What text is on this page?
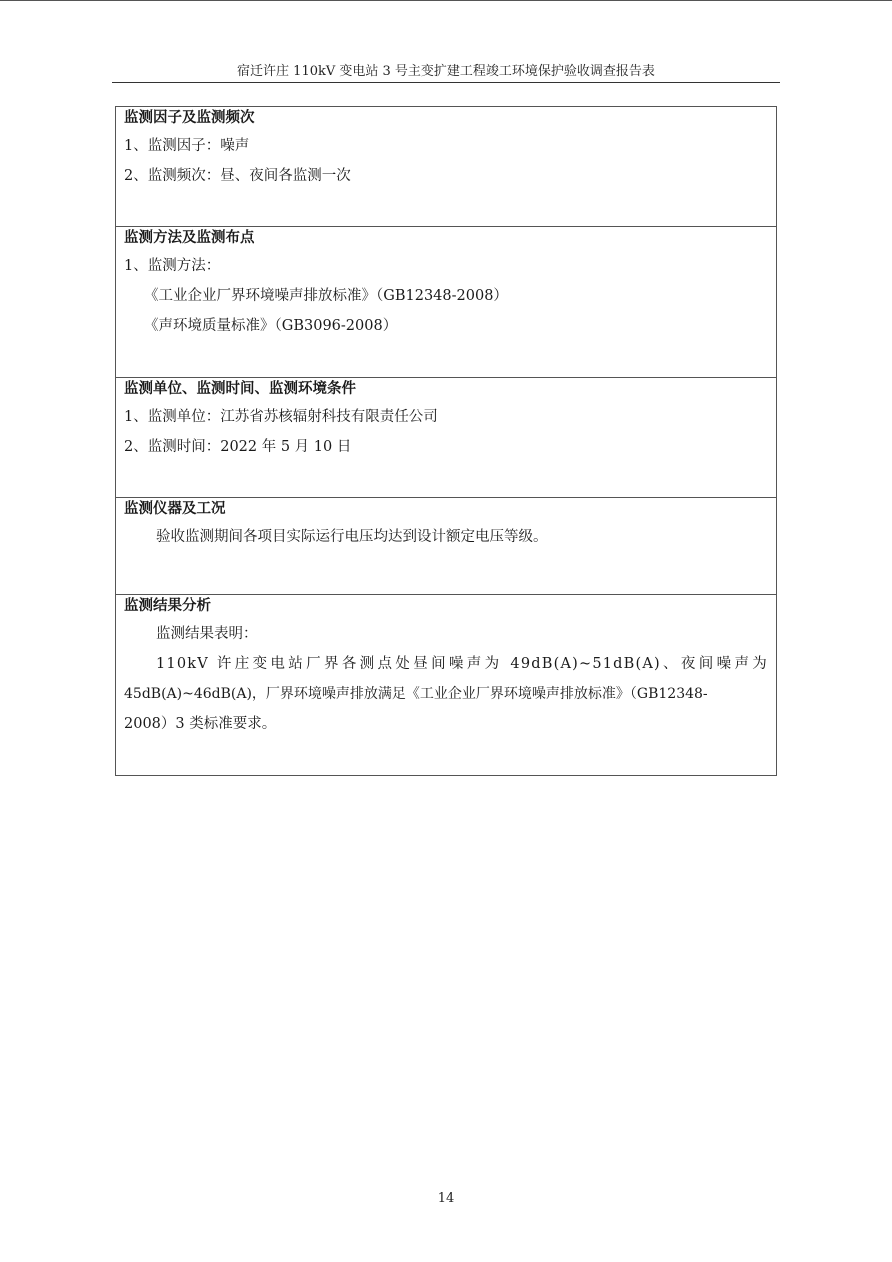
宿迁许庄 110kV 变电站 3 号主变扩建工程竣工环境保护验收调查报告表
监测因子及监测频次
1、监测因子：噪声
2、监测频次：昼、夜间各监测一次
监测方法及监测布点
1、监测方法：
《工业企业厂界环境噪声排放标准》（GB12348-2008）
《声环境质量标准》（GB3096-2008）
监测单位、监测时间、监测环境条件
1、监测单位：江苏省苏核辐射科技有限责任公司
2、监测时间：2022 年 5 月 10 日
监测仪器及工况
验收监测期间各项目实际运行电压均达到设计额定电压等级。
监测结果分析
监测结果表明：
110kV 许庄变电站厂界各测点处昼间噪声为 49dB(A)~51dB(A)、夜间噪声为
45dB(A)~46dB(A)，厂界环境噪声排放满足《工业企业厂界环境噪声排放标准》（GB12348-
2008）3 类标准要求。
14
